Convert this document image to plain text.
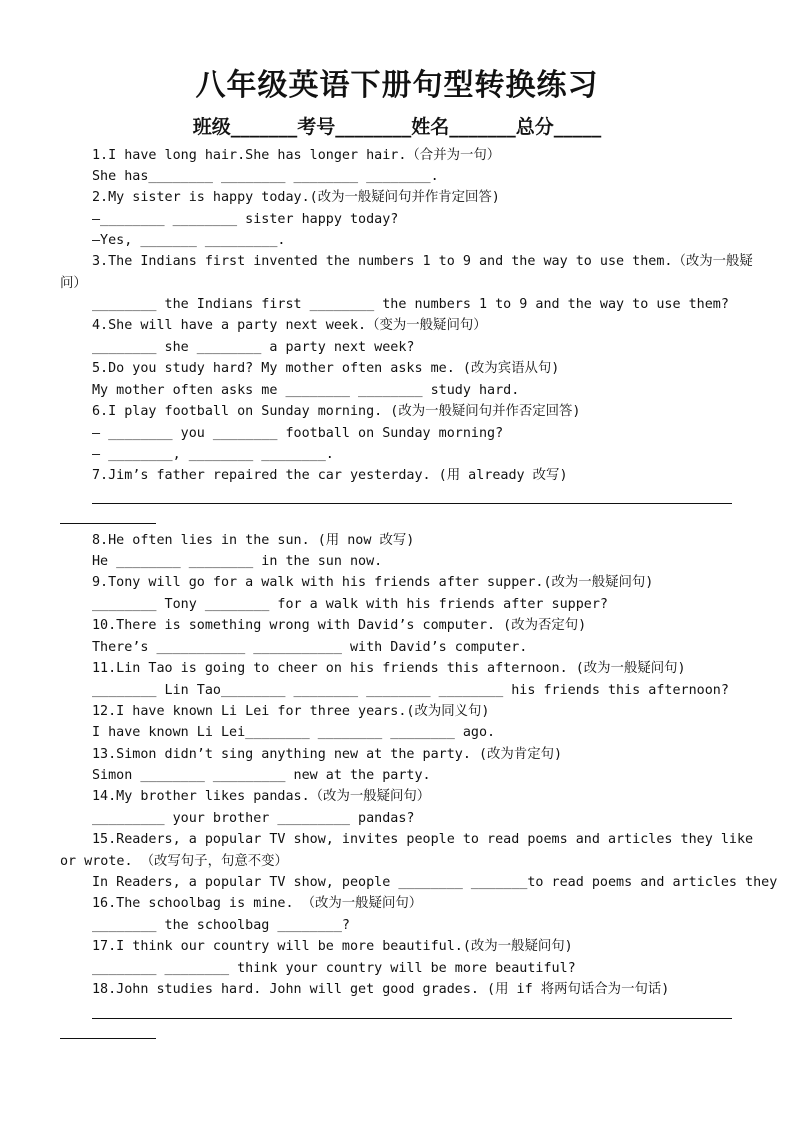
八年级英语下册句型转换练习
班级_______考号________姓名_______总分_____
1.I have long hair.She has longer hair.（合并为一句）
She has________ ________ ________ ________.
2.My sister is happy today.(改为一般疑问句并作肯定回答)
—________ ________ sister happy today?
—Yes, _______ _________.
3.The Indians first invented the numbers 1 to 9 and the way to use them.（改为一般疑
问）
________ the Indians first ________ the numbers 1 to 9 and the way to use them?
4.She will have a party next week.（变为一般疑问句）
________ she ________ a party next week?
5.Do you study hard? My mother often asks me. (改为宾语从句)
My mother often asks me ________ ________ study hard.
6.I play football on Sunday morning. (改为一般疑问句并作否定回答)
— ________ you ________ football on Sunday morning?
— ________, ________ ________.
7.Jim’s father repaired the car yesterday. (用 already 改写)
8.He often lies in the sun. (用 now 改写)
He ________ ________ in the sun now.
9.Tony will go for a walk with his friends after supper.(改为一般疑问句)
________ Tony ________ for a walk with his friends after supper?
10.There is something wrong with David’s computer. (改为否定句)
There’s ___________ ___________ with David’s computer.
11.Lin Tao is going to cheer on his friends this afternoon. (改为一般疑问句)
________ Lin Tao________ ________ ________ ________ his friends this afternoon?
12.I have known Li Lei for three years.(改为同义句)
I have known Li Lei________ ________ ________ ago.
13.Simon didn’t sing anything new at the party. (改为肯定句)
Simon ________ _________ new at the party.
14.My brother likes pandas.（改为一般疑问句）
_________ your brother _________ pandas?
15.Readers, a popular TV show, invites people to read poems and articles they like
or wrote. （改写句子，句意不变）
In Readers, a popular TV show, people ________ _______to read poems and articles they
16.The schoolbag is mine. （改为一般疑问句）
________ the schoolbag ________?
17.I think our country will be more beautiful.(改为一般疑问句)
________ ________ think your country will be more beautiful?
18.John studies hard. John will get good grades. (用 if 将两句话合为一句话)
